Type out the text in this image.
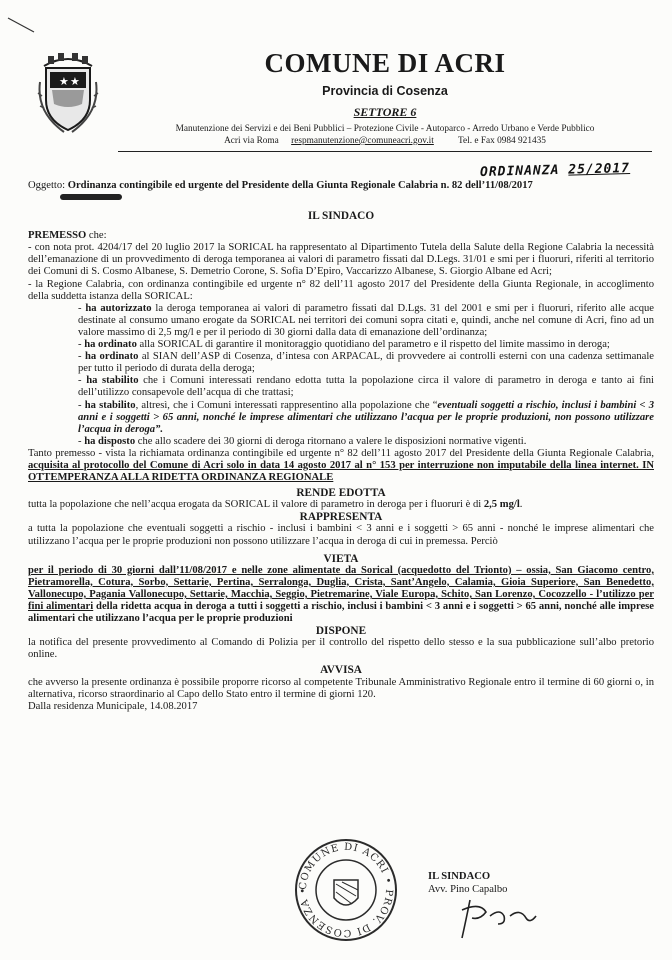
★ ★
COMUNE DI ACRI
Provincia di Cosenza
SETTORE 6
Manutenzione dei Servizi e dei Beni Pubblici – Protezione Civile - Autoparco - Arredo Urbano e Verde Pubblico
Acri via Roma respmanutenzione@comuneacri.gov.it	Tel. e Fax 0984 921435
ORDINANZA 25/2017

Oggetto: Ordinanza contingibile ed urgente del Presidente della Giunta Regionale Calabria n. 82 dell’11/08/2017

IL SINDACO

PREMESSO che:

- con nota prot. 4204/17 del 20 luglio 2017 la SORICAL ha rappresentato al Dipartimento Tutela della Salute della Regione Calabria la necessità dell’emanazione di un provvedimento di deroga temporanea ai valori di parametro fissati dal D.Legs. 31/01 e smi per i fluoruri, riferiti al territorio dei Comuni di S. Cosmo Albanese, S. Demetrio Corone, S. Sofia D’Epiro, Vaccarizzo Albanese, S. Giorgio Albane ed Acri;

- la Regione Calabria, con ordinanza contingibile ed urgente n° 82 dell’11 agosto 2017 del Presidente della Giunta Regionale, in accoglimento della suddetta istanza della SORICAL:

- ha autorizzato la deroga temporanea ai valori di parametro fissati dal D.Lgs. 31 del 2001 e smi per i fluoruri, riferito alle acque destinate al consumo umano erogate da SORICAL nei territori dei comuni sopra citati e, quindi, anche nel comune di Acri, fino ad un valore massimo di 2,5 mg/l e per il periodo di 30 giorni dalla data di emanazione dell’ordinanza;

- ha ordinato alla SORICAL di garantire il monitoraggio quotidiano del parametro e il rispetto del limite massimo in deroga;

- ha ordinato al SIAN dell’ASP di Cosenza, d’intesa con ARPACAL, di provvedere ai controlli esterni con una cadenza settimanale per tutto il periodo di durata della deroga;

- ha stabilito che i Comuni interessati rendano edotta tutta la popolazione circa il valore di parametro in deroga e tanto ai fini dell’utilizzo consapevole dell’acqua di che trattasi;

- ha stabilito, altresì, che i Comuni interessati rappresentino alla popolazione che “eventuali soggetti a rischio, inclusi i bambini < 3 anni e i soggetti > 65 anni, nonché le imprese alimentari che utilizzano l’acqua per le proprie produzioni, non possono utilizzare l’acqua in deroga”.

- ha disposto che allo scadere dei 30 giorni di deroga ritornano a valere le disposizioni normative vigenti.

Tanto premesso - vista la richiamata ordinanza contingibile ed urgente n° 82 dell’11 agosto 2017 del Presidente della Giunta Regionale Calabria, acquisita al protocollo del Comune di Acri solo in data 14 agosto 2017 al n° 153 per interruzione non imputabile della linea internet. IN OTTEMPERANZA ALLA RIDETTA ORDINANZA REGIONALE

RENDE EDOTTA

tutta la popolazione che nell’acqua erogata da SORICAL il valore di parametro in deroga per i fluoruri è di 2,5 mg/l.

RAPPRESENTA

a tutta la popolazione che eventuali soggetti a rischio - inclusi i bambini < 3 anni e i soggetti > 65 anni - nonché le imprese alimentari che utilizzano l’acqua per le proprie produzioni non possono utilizzare l’acqua in deroga di cui in premessa. Perciò

VIETA

per il periodo di 30 giorni dall’11/08/2017 e nelle zone alimentate da Sorical (acquedotto del Trionto) – ossia, San Giacomo centro, Pietramorella, Cotura, Sorbo, Settarie, Pertina, Serralonga, Duglia, Crista, Sant’Angelo, Calamia, Gioia Superiore, San Benedetto, Vallonecupo, Pagania Vallonecupo, Settarie, Macchia, Seggio, Pietremarine, Viale Europa, Schito, San Lorenzo, Cocozzello - l’utilizzo per fini alimentari della ridetta acqua in deroga a tutti i soggetti a rischio, inclusi i bambini < 3 anni e i soggetti > 65 anni, nonché alle imprese alimentari che utilizzano l’acqua per le proprie produzioni

DISPONE

la notifica del presente provvedimento al Comando di Polizia per il controllo del rispetto dello stesso e la sua pubblicazione sull’albo pretorio online.

AVVISA

che avverso la presente ordinanza è possibile proporre ricorso al competente Tribunale Amministrativo Regionale entro il termine di 60 giorni o, in alternativa, ricorso straordinario al Capo dello Stato entro il termine di giorni 120.

Dalla residenza Municipale, 14.08.2017

COMUNE DI ACRI • PROV. DI COSENZA •
IL SINDACO
Avv. Pino Capalbo
